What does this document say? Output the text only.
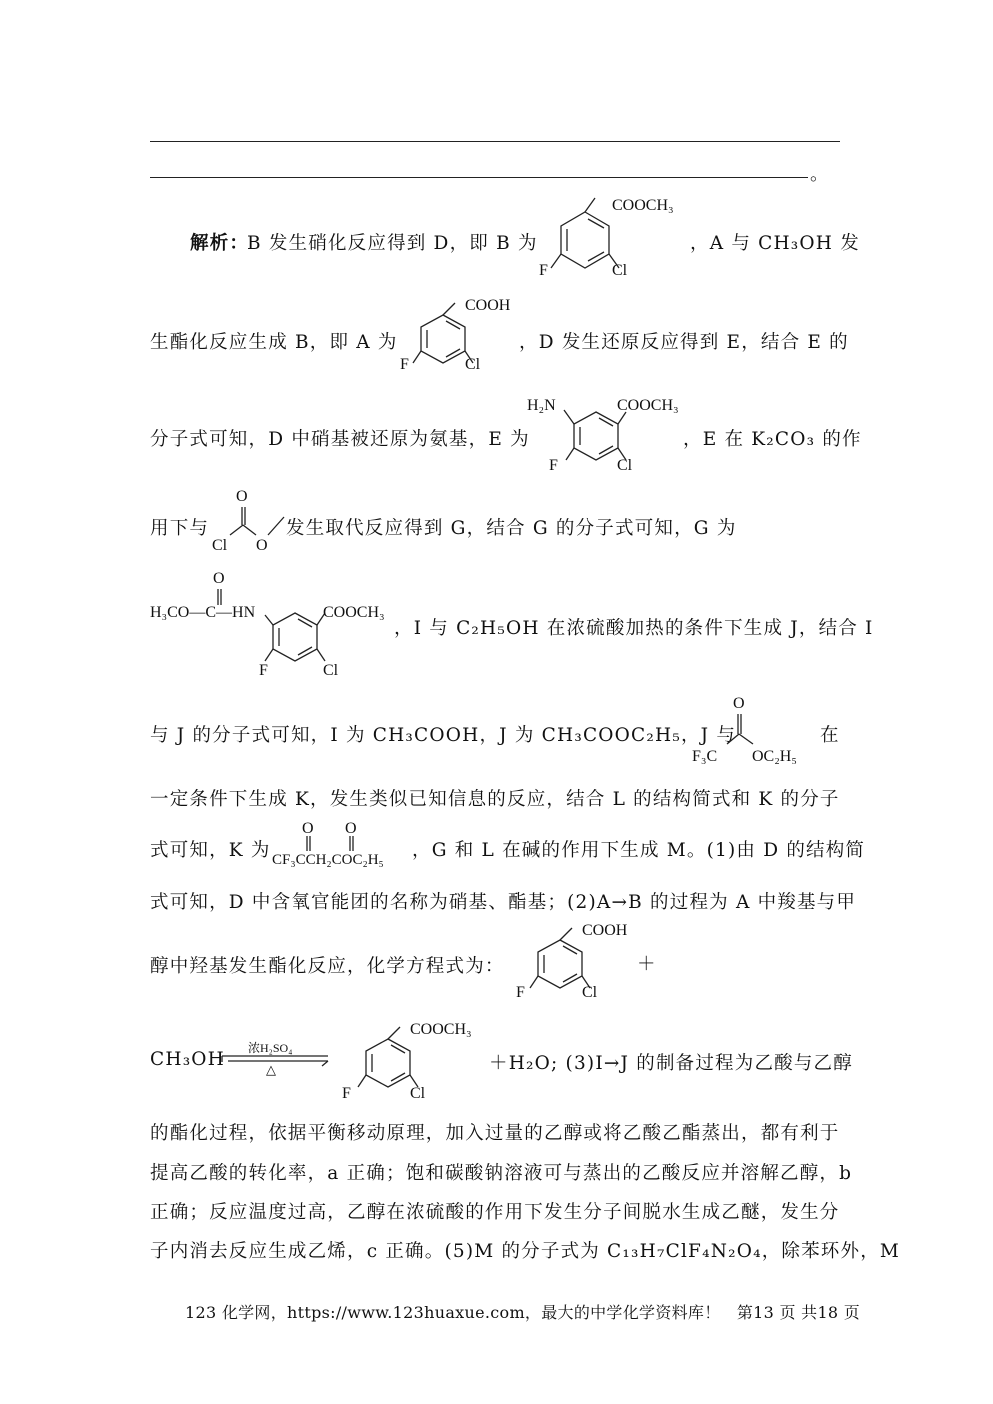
。
解析：
B 发生硝化反应得到 D，即 B 为	，A 与 CH₃OH 发
COOCH₃
F	Cl
生酯化反应生成 B，即 A 为	，D 发生还原反应得到 E，结合 E 的
COOH
F	Cl
分子式可知，D 中硝基被还原为氨基，E 为	，E 在 K₂CO₃ 的作
H₂N	COOCH₃
F	Cl
用下与	发生取代反应得到 G，结合 G 的分子式可知，G 为
O
Cl O
O
H₃CO—C—HN	COOCH₃
F	Cl
，I 与 C₂H₅OH 在浓硫酸加热的条件下生成 J，结合 I
与 J 的分子式可知，I 为 CH₃COOH，J 为 CH₃COOC₂H₅，J 与	在
O
F₃C OC₂H₅
一定条件下生成 K，发生类似已知信息的反应，结合 L 的结构简式和 K 的分子
式可知，K 为	，G 和 L 在碱的作用下生成 M。(1)由 D 的结构简
O O
CF₃CCH₂COC₂H₅
式可知，D 中含氧官能团的名称为硝基、酯基；(2)A→B 的过程为 A 中羧基与甲
醇中羟基发生酯化反应，化学方程式为：	＋
COOH
F	Cl
CH₃OH
浓H₂SO₄
△
COOCH₃
F	Cl
＋H₂O; (3)I→J 的制备过程为乙酸与乙醇
的酯化过程，依据平衡移动原理，加入过量的乙醇或将乙酸乙酯蒸出，都有利于
提高乙酸的转化率，a 正确；饱和碳酸钠溶液可与蒸出的乙酸反应并溶解乙醇，b
正确；反应温度过高，乙醇在浓硫酸的作用下发生分子间脱水生成乙醚，发生分
子内消去反应生成乙烯，c 正确。(5)M 的分子式为 C₁₃H₇ClF₄N₂O₄，除苯环外，M
123 化学网，https://www.123huaxue.com，最大的中学化学资料库！　第13 页 共18 页
